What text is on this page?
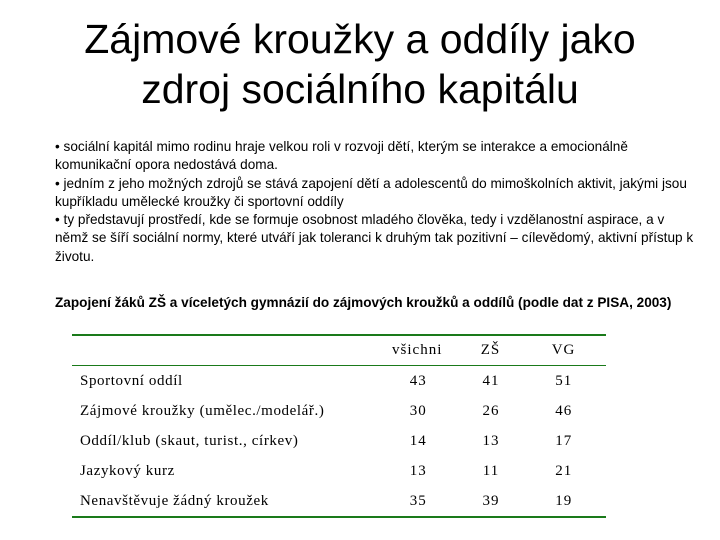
Zájmové kroužky a oddíly jako
zdroj sociálního kapitálu
• sociální kapitál mimo rodinu hraje velkou roli v rozvoji dětí, kterým se interakce a emocionálně komunikační opora nedostává doma.
• jedním z jeho možných zdrojů se stává zapojení dětí a adolescentů do mimoškolních aktivit, jakými jsou kupříkladu umělecké kroužky či sportovní oddíly
• ty představují prostředí, kde se formuje osobnost mladého člověka, tedy i vzdělanostní aspirace, a v němž se šíří sociální normy, které utváří jak toleranci k druhým tak pozitivní – cílevědomý, aktivní přístup k životu.

Zapojení žáků ZŠ a víceletých gymnázií do zájmových kroužků a oddílů (podle dat z PISA, 2003)

	všichni	ZŠ	VG
Sportovní oddíl	43	41	51
Zájmové kroužky (umělec./modelář.)	30	26	46
Oddíl/klub (skaut, turist., církev)	14	13	17
Jazykový kurz	13	11	21
Nenavštěvuje žádný kroužek	35	39	19
